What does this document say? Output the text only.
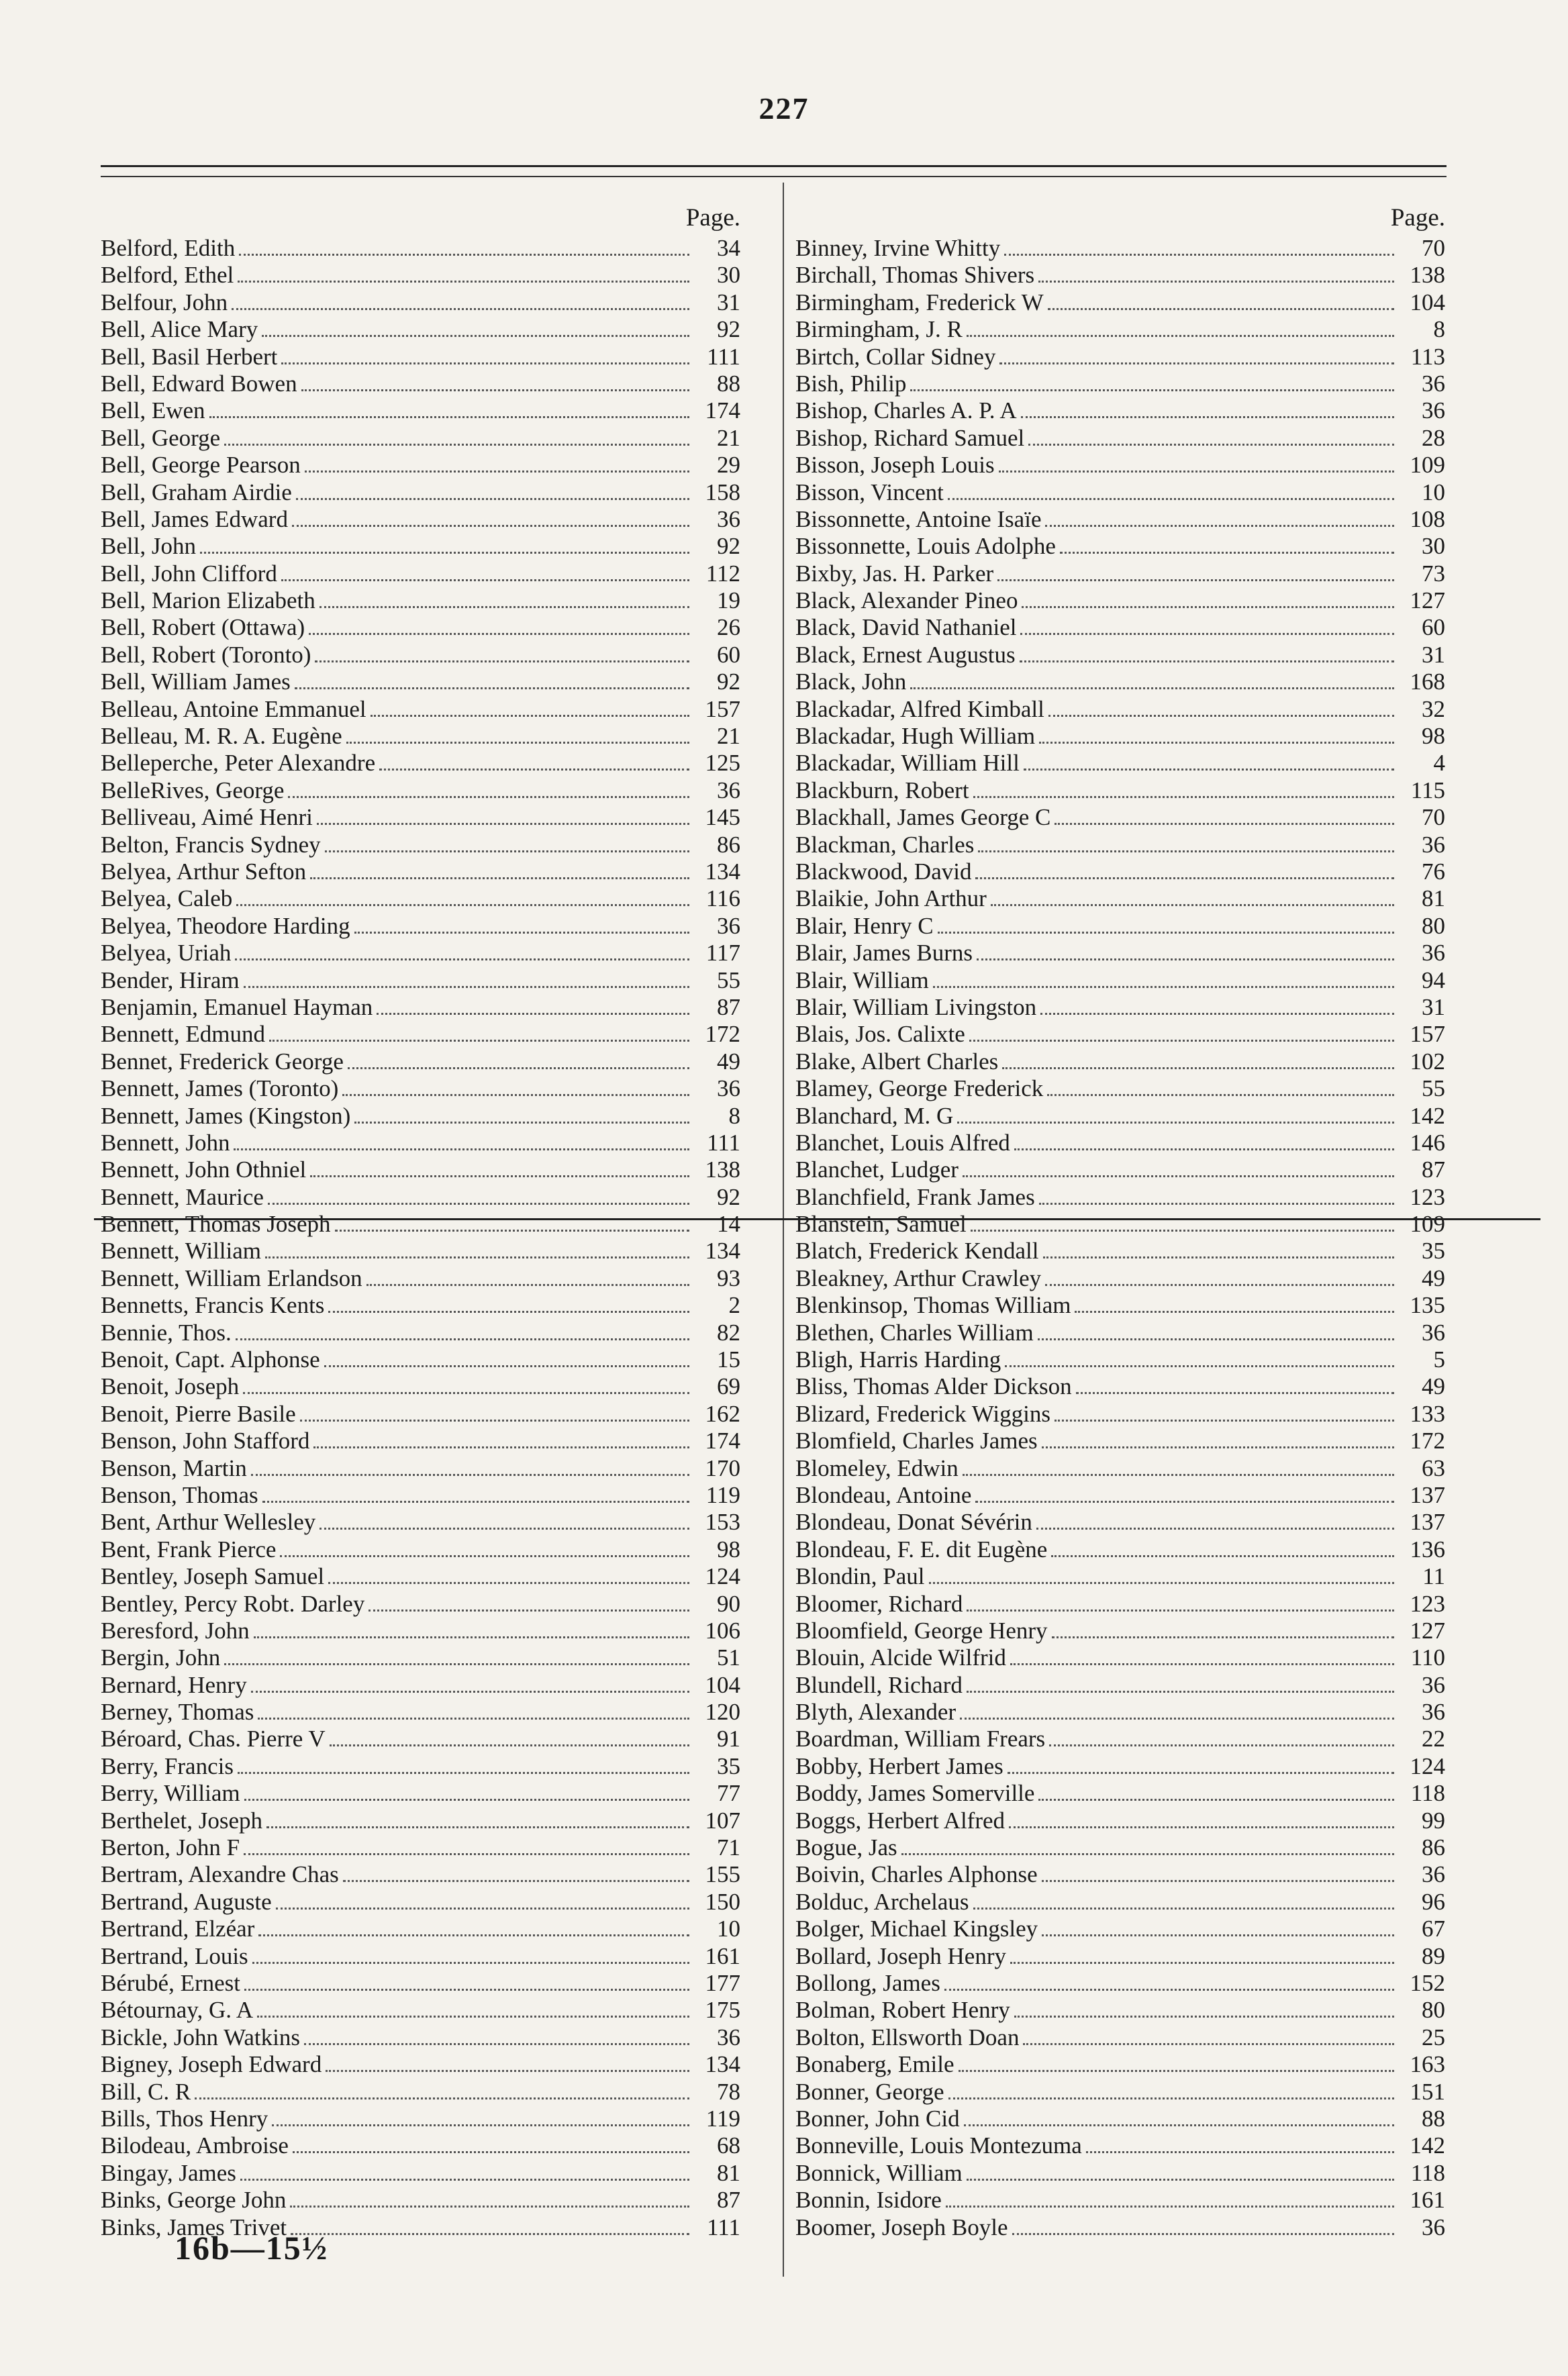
227
Page.
Belford, Edith	34
Belford, Ethel	30
Belfour, John	31
Bell, Alice Mary	92
Bell, Basil Herbert	111
Bell, Edward Bowen	88
Bell, Ewen	174
Bell, George	21
Bell, George Pearson	29
Bell, Graham Airdie	158
Bell, James Edward	36
Bell, John	92
Bell, John Clifford	112
Bell, Marion Elizabeth	19
Bell, Robert (Ottawa)	26
Bell, Robert (Toronto)	60
Bell, William James	92
Belleau, Antoine Emmanuel	157
Belleau, M. R. A. Eugène	21
Belleperche, Peter Alexandre	125
BelleRives, George	36
Belliveau, Aimé Henri	145
Belton, Francis Sydney	86
Belyea, Arthur Sefton	134
Belyea, Caleb	116
Belyea, Theodore Harding	36
Belyea, Uriah	117
Bender, Hiram	55
Benjamin, Emanuel Hayman	87
Bennett, Edmund	172
Bennet, Frederick George	49
Bennett, James (Toronto)	36
Bennett, James (Kingston)	8
Bennett, John	111
Bennett, John Othniel	138
Bennett, Maurice	92
Bennett, Thomas Joseph	14
Bennett, William	134
Bennett, William Erlandson	93
Bennetts, Francis Kents	2
Bennie, Thos.	82
Benoit, Capt. Alphonse	15
Benoit, Joseph	69
Benoit, Pierre Basile	162
Benson, John Stafford	174
Benson, Martin	170
Benson, Thomas	119
Bent, Arthur Wellesley	153
Bent, Frank Pierce	98
Bentley, Joseph Samuel	124
Bentley, Percy Robt. Darley	90
Beresford, John	106
Bergin, John	51
Bernard, Henry	104
Berney, Thomas	120
Béroard, Chas. Pierre V	91
Berry, Francis	35
Berry, William	77
Berthelet, Joseph	107
Berton, John F	71
Bertram, Alexandre Chas	155
Bertrand, Auguste	150
Bertrand, Elzéar	10
Bertrand, Louis	161
Bérubé, Ernest	177
Bétournay, G. A	175
Bickle, John Watkins	36
Bigney, Joseph Edward	134
Bill, C. R	78
Bills, Thos Henry	119
Bilodeau, Ambroise	68
Bingay, James	81
Binks, George John	87
Binks, James Trivet	111
Page.
Binney, Irvine Whitty	70
Birchall, Thomas Shivers	138
Birmingham, Frederick W	104
Birmingham, J. R	8
Birtch, Collar Sidney	113
Bish, Philip	36
Bishop, Charles A. P. A	36
Bishop, Richard Samuel	28
Bisson, Joseph Louis	109
Bisson, Vincent	10
Bissonnette, Antoine Isaïe	108
Bissonnette, Louis Adolphe	30
Bixby, Jas. H. Parker	73
Black, Alexander Pineo	127
Black, David Nathaniel	60
Black, Ernest Augustus	31
Black, John	168
Blackadar, Alfred Kimball	32
Blackadar, Hugh William	98
Blackadar, William Hill	4
Blackburn, Robert	115
Blackhall, James George C	70
Blackman, Charles	36
Blackwood, David	76
Blaikie, John Arthur	81
Blair, Henry C	80
Blair, James Burns	36
Blair, William	94
Blair, William Livingston	31
Blais, Jos. Calixte	157
Blake, Albert Charles	102
Blamey, George Frederick	55
Blanchard, M. G	142
Blanchet, Louis Alfred	146
Blanchet, Ludger	87
Blanchfield, Frank James	123
Blanstein, Samuel	109
Blatch, Frederick Kendall	35
Bleakney, Arthur Crawley	49
Blenkinsop, Thomas William	135
Blethen, Charles William	36
Bligh, Harris Harding	5
Bliss, Thomas Alder Dickson	49
Blizard, Frederick Wiggins	133
Blomfield, Charles James	172
Blomeley, Edwin	63
Blondeau, Antoine	137
Blondeau, Donat Sévérin	137
Blondeau, F. E. dit Eugène	136
Blondin, Paul	11
Bloomer, Richard	123
Bloomfield, George Henry	127
Blouin, Alcide Wilfrid	110
Blundell, Richard	36
Blyth, Alexander	36
Boardman, William Frears	22
Bobby, Herbert James	124
Boddy, James Somerville	118
Boggs, Herbert Alfred	99
Bogue, Jas	86
Boivin, Charles Alphonse	36
Bolduc, Archelaus	96
Bolger, Michael Kingsley	67
Bollard, Joseph Henry	89
Bollong, James	152
Bolman, Robert Henry	80
Bolton, Ellsworth Doan	25
Bonaberg, Emile	163
Bonner, George	151
Bonner, John Cid	88
Bonneville, Louis Montezuma	142
Bonnick, William	118
Bonnin, Isidore	161
Boomer, Joseph Boyle	36
16b—15½
